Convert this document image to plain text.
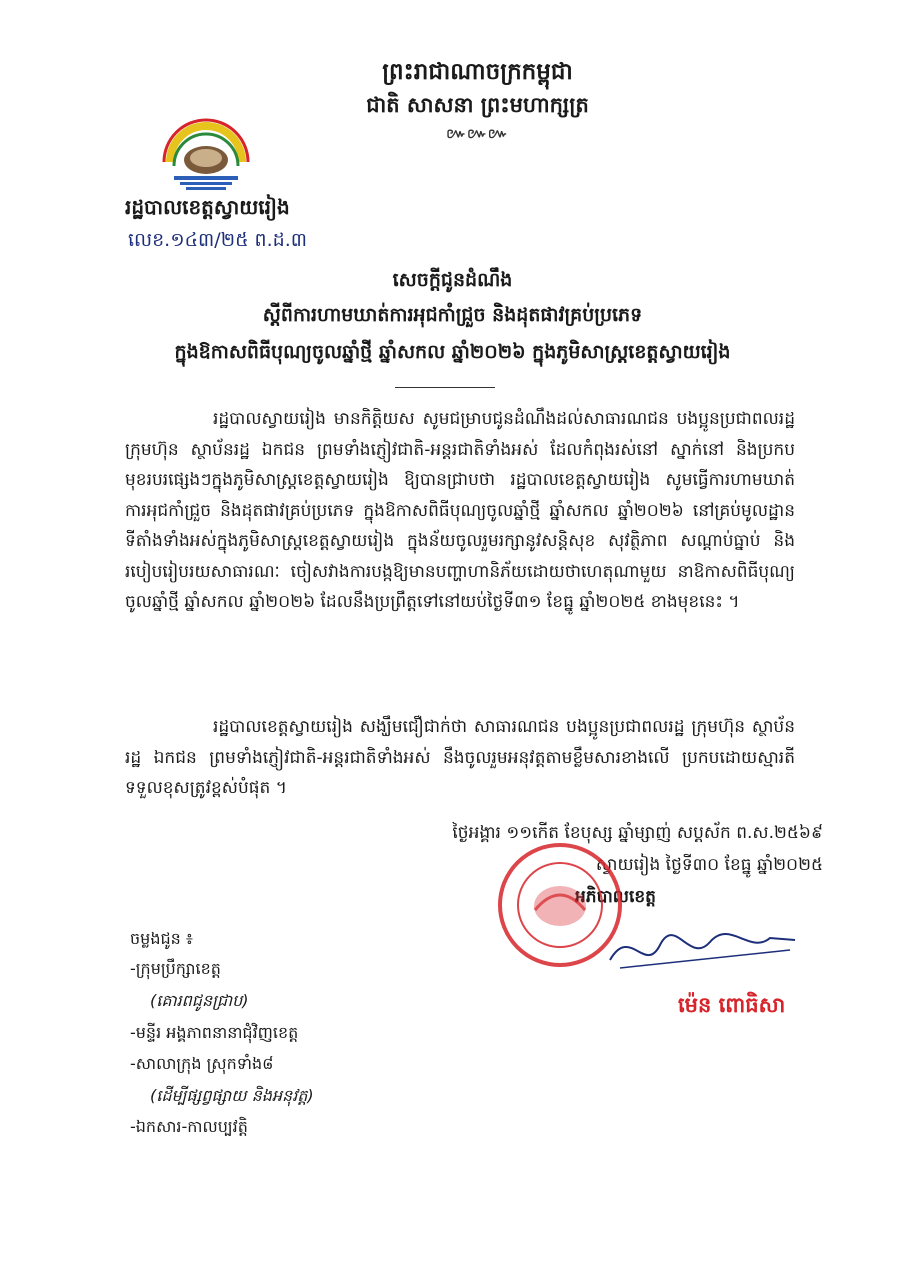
ព្រះរាជាណាចក្រកម្ពុជា
ជាតិ សាសនា ព្រះមហាក្សត្រ
៚៚៚
រដ្ឋបាលខេត្តស្វាយរៀង
លេខ.១៤៣/២៥ ព.ដ.៣
សេចក្តីជូនដំណឹង
ស្តីពីការហាមឃាត់ការអុជកាំជ្រួច និងដុតផាវគ្រប់ប្រភេទ
ក្នុងឱកាសពិធីបុណ្យចូលឆ្នាំថ្មី ឆ្នាំសកល ឆ្នាំ២០២៦ ក្នុងភូមិសាស្ត្រខេត្តស្វាយរៀង
រដ្ឋបាលស្វាយរៀង មានកិត្តិយស សូមជម្រាបជូនដំណឹងដល់សាធារណជន បងប្អូនប្រជាពលរដ្ឋ ក្រុមហ៊ុន ស្ថាប័នរដ្ឋ ឯកជន ព្រមទាំងភ្ញៀវជាតិ-អន្តរជាតិទាំងអស់ ដែលកំពុងរស់នៅ ស្នាក់នៅ និងប្រកបមុខរបរផ្សេងៗក្នុងភូមិសាស្ត្រខេត្តស្វាយរៀង ឱ្យបានជ្រាបថា រដ្ឋបាលខេត្តស្វាយរៀង សូមធ្វើការហាមឃាត់ការអុជកាំជ្រួច និងដុតផាវគ្រប់ប្រភេទ ក្នុងឱកាសពិធីបុណ្យចូលឆ្នាំថ្មី ឆ្នាំសកល ឆ្នាំ២០២៦ នៅគ្រប់មូលដ្ឋានទីតាំងទាំងអស់ក្នុងភូមិសាស្ត្រខេត្តស្វាយរៀង ក្នុងន័យចូលរួមរក្សានូវសន្តិសុខ សុវត្ថិភាព សណ្តាប់ធ្នាប់ និងរបៀបរៀបរយសាធារណៈ ចៀសវាងការបង្កឱ្យមានបញ្ហាហានិភ័យដោយថាហេតុណាមួយ នាឱកាសពិធីបុណ្យចូលឆ្នាំថ្មី ឆ្នាំសកល ឆ្នាំ២០២៦ ដែលនឹងប្រព្រឹត្តទៅនៅយប់ថ្ងៃទី៣១ ខែធ្នូ ឆ្នាំ២០២៥ ខាងមុខនេះ ។
រដ្ឋបាលខេត្តស្វាយរៀង សង្ឃឹមជឿជាក់ថា សាធារណជន បងប្អូនប្រជាពលរដ្ឋ ក្រុមហ៊ុន ស្ថាប័នរដ្ឋ ឯកជន ព្រមទាំងភ្ញៀវជាតិ-អន្តរជាតិទាំងអស់ នឹងចូលរួមអនុវត្តតាមខ្លឹមសារខាងលើ ប្រកបដោយស្មារតីទទួលខុសត្រូវខ្ពស់បំផុត ។
ថ្ងៃអង្គារ ១១កើត ខែបុស្ស ឆ្នាំម្សាញ់ សប្តស័ក ព.ស.២៥៦៩
ស្វាយរៀង ថ្ងៃទី៣០ ខែធ្នូ ឆ្នាំ២០២៥
អភិបាលខេត្ត
ម៉េន ពោធិសា
ចម្លងជូន ៖
-ក្រុមប្រឹក្សាខេត្ត
(គោរពជូនជ្រាប)
-មន្ទីរ អង្គភាពនានាជុំវិញខេត្ត
-សាលាក្រុង ស្រុកទាំង៨
(ដើម្បីផ្សព្វផ្សាយ និងអនុវត្ត)
-ឯកសារ-កាលប្បវត្តិ
